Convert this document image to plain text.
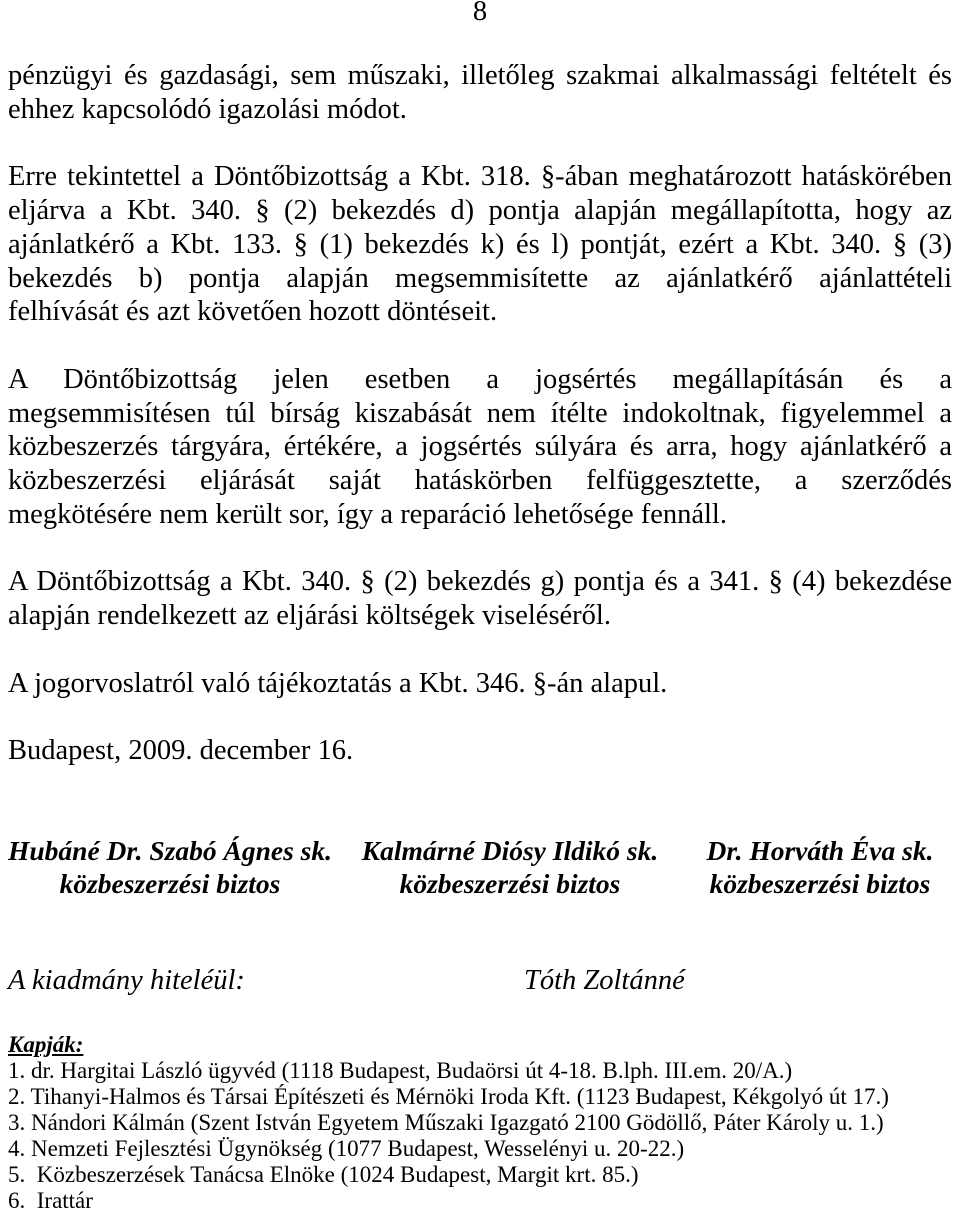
8
pénzügyi és gazdasági, sem műszaki, illetőleg szakmai alkalmassági feltételt és
ehhez kapcsolódó igazolási módot.
Erre tekintettel a Döntőbizottság a Kbt. 318. §-ában meghatározott hatáskörében
eljárva a Kbt. 340. § (2) bekezdés d) pontja alapján megállapította, hogy az
ajánlatkérő a Kbt. 133. § (1) bekezdés k) és l) pontját, ezért a Kbt. 340. § (3)
bekezdés b) pontja alapján megsemmisítette az ajánlatkérő ajánlattételi
felhívását és azt követően hozott döntéseit.
A Döntőbizottság jelen esetben a jogsértés megállapításán és a
megsemmisítésen túl bírság kiszabását nem ítélte indokoltnak, figyelemmel a
közbeszerzés tárgyára, értékére, a jogsértés súlyára és arra, hogy ajánlatkérő a
közbeszerzési eljárását saját hatáskörben felfüggesztette, a szerződés
megkötésére nem került sor, így a reparáció lehetősége fennáll.
A Döntőbizottság a Kbt. 340. § (2) bekezdés g) pontja és a 341. § (4) bekezdése
alapján rendelkezett az eljárási költségek viseléséről.
A jogorvoslatról való tájékoztatás a Kbt. 346. §-án alapul.
Budapest, 2009. december 16.
Hubáné Dr. Szabó Ágnes sk.
közbeszerzési biztos
Kalmárné Diósy Ildikó sk.
közbeszerzési biztos
Dr. Horváth Éva sk.
közbeszerzési biztos
A kiadmány hiteléül:	Tóth Zoltánné
Kapják:
1. dr. Hargitai László ügyvéd (1118 Budapest, Budaörsi út 4-18. B.lph. III.em. 20/A.)
2. Tihanyi-Halmos és Társai Építészeti és Mérnöki Iroda Kft. (1123 Budapest, Kékgolyó út 17.)
3. Nándori Kálmán (Szent István Egyetem Műszaki Igazgató 2100 Gödöllő, Páter Károly u. 1.)
4. Nemzeti Fejlesztési Ügynökség (1077 Budapest, Wesselényi u. 20-22.)
5.  Közbeszerzések Tanácsa Elnöke (1024 Budapest, Margit krt. 85.)
6.  Irattár
